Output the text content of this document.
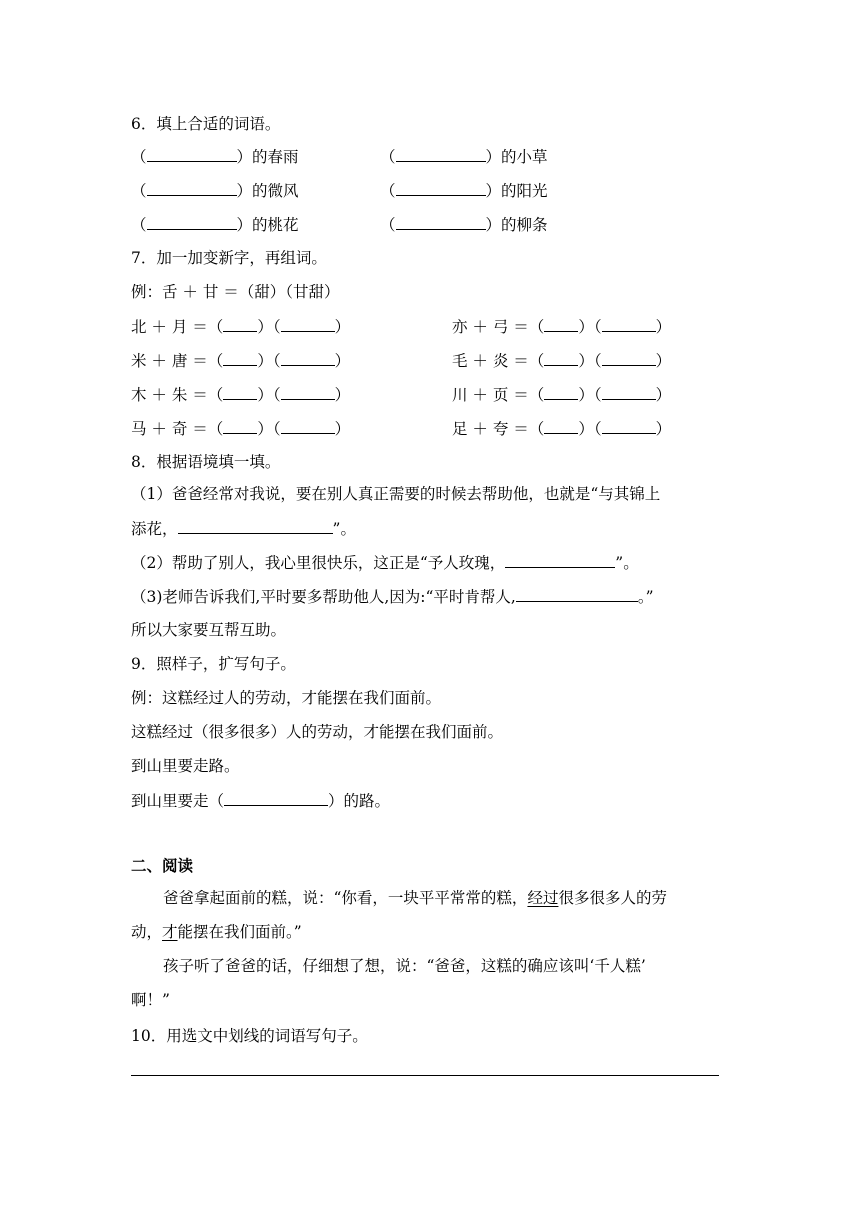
6．填上合适的词语。
（	）的春雨	（	）的小草
（	）的微风	（	）的阳光
（	）的桃花	（	）的柳条
7．加一加变新字，再组词。
例：舌 ＋ 甘 ＝（甜）（甘甜）
北 ＋ 月 ＝（ ）（	）	亦 ＋ 弓 ＝（ ）（	）
米 ＋ 唐 ＝（ ）（	）	毛 ＋ 炎 ＝（ ）（	）
木 ＋ 朱 ＝（ ）（	）	川 ＋ 页 ＝（ ）（	）
马 ＋ 奇 ＝（ ）（	）	足 ＋ 夸 ＝（ ）（	）
8．根据语境填一填。
（1）爸爸经常对我说，要在别人真正需要的时候去帮助他，也就是“与其锦上
添花，	”。
（2）帮助了别人，我心里很快乐，这正是“予人玫瑰，	”。
（3)老师告诉我们,平时要多帮助他人,因为:“平时肯帮人,	。”
所以大家要互帮互助。
9．照样子，扩写句子。
例：这糕经过人的劳动，才能摆在我们面前。
这糕经过（很多很多）人的劳动，才能摆在我们面前。
到山里要走路。
到山里要走（	）的路。
二、阅读
爸爸拿起面前的糕，说：“你看，一块平平常常的糕，经过很多很多人的劳
动，才能摆在我们面前。”
孩子听了爸爸的话，仔细想了想，说：“爸爸，这糕的确应该叫‘千人糕’
啊！”
10．用选文中划线的词语写句子。
